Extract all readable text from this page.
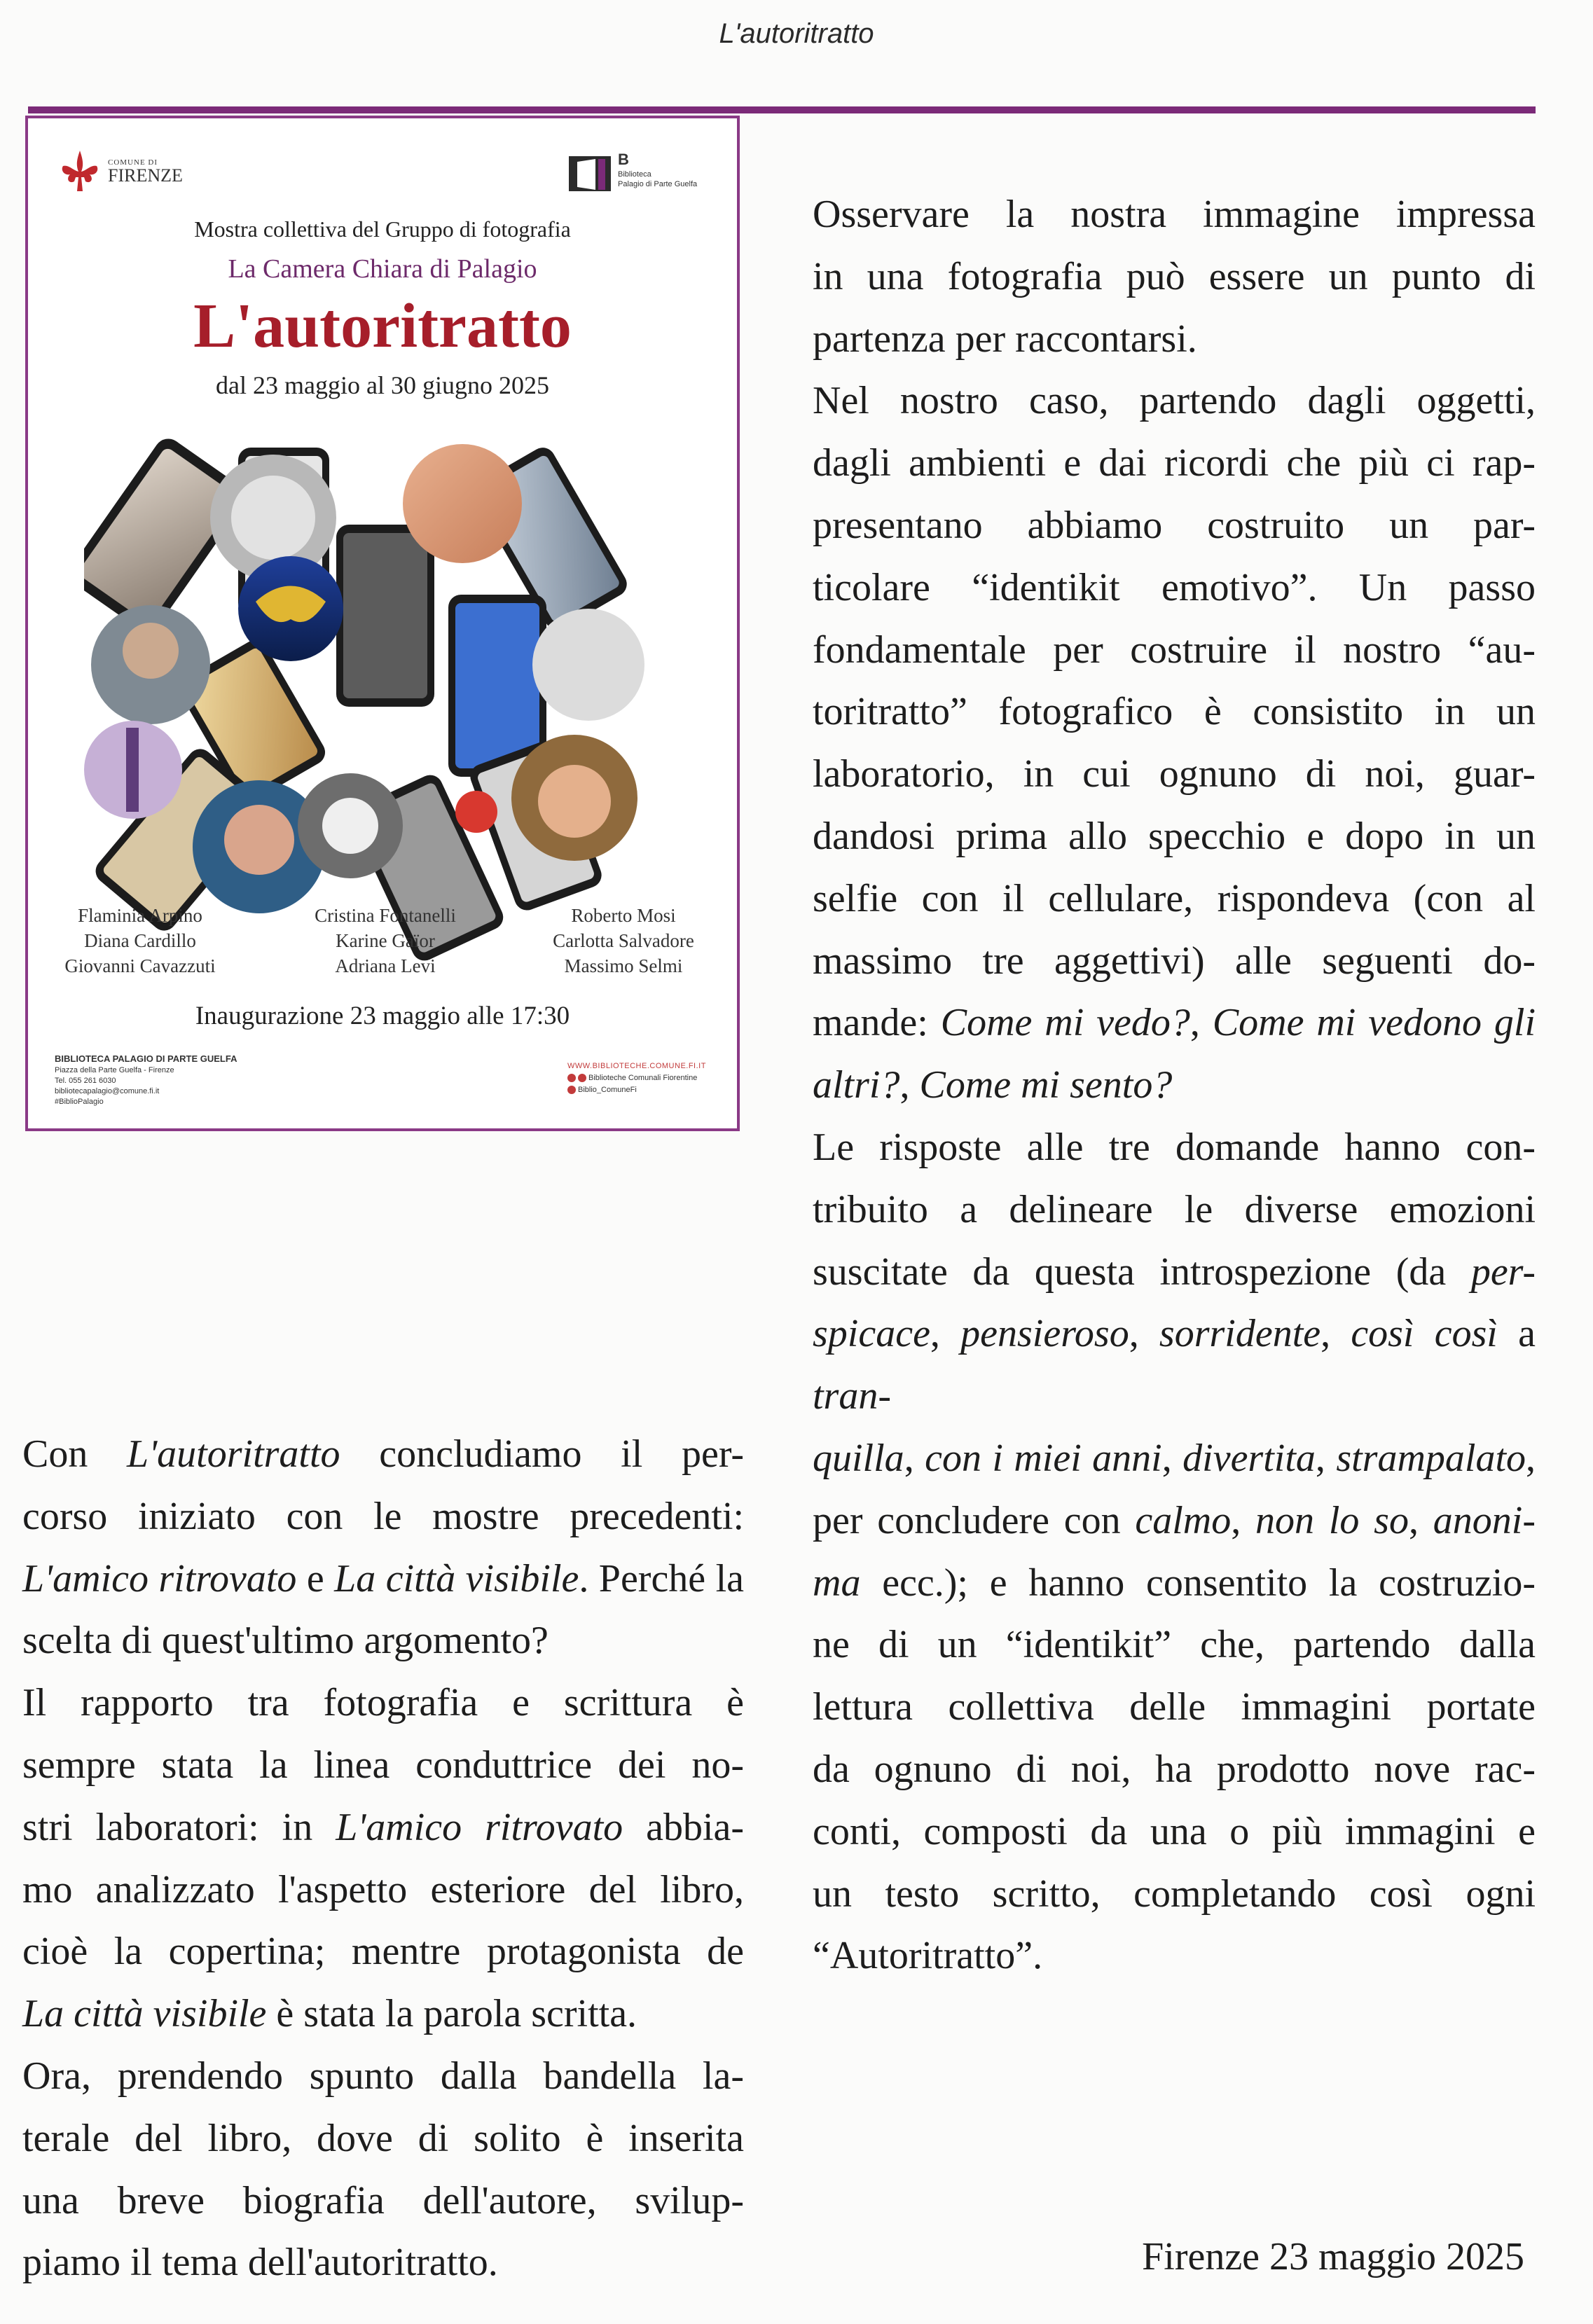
L'autoritratto
COMUNE DI
FIRENZE
B
Biblioteca
Palagio di Parte Guelfa
Mostra collettiva del Gruppo di fotografia
La Camera Chiara di Palagio
L'autoritratto
dal 23 maggio al 30 giugno 2025
Flaminia Arpino
Diana Cardillo
Giovanni Cavazzuti
Cristina Fontanelli
Karine Gaïor
Adriana Levi
Roberto Mosi
Carlotta Salvadore
Massimo Selmi
Inaugurazione 23 maggio alle 17:30
BIBLIOTECA PALAGIO DI PARTE GUELFA
Piazza della Parte Guelfa - Firenze
Tel. 055 261 6030
bibliotecapalagio@comune.fi.it
#BiblioPalagio
WWW.BIBLIOTECHE.COMUNE.FI.IT
Biblioteche Comunali Fiorentine
Biblio_ComuneFi

Osservare la nostra immagine impressa

in una fotografia può essere un punto di

partenza per raccontarsi.

Nel nostro caso, partendo dagli oggetti,

dagli ambienti e dai ricordi che più ci rap-

presentano abbiamo costruito un par-

ticolare “identikit emotivo”. Un passo

fondamentale per costruire il nostro “au-

toritratto” fotografico è consistito in un

laboratorio, in cui ognuno di noi, guar-

dandosi prima allo specchio e dopo in un

selfie con il cellulare, rispondeva (con al

massimo tre aggettivi) alle seguenti do-

mande: Come mi vedo?, Come mi vedono gli

altri?, Come mi sento?

Le risposte alle tre domande hanno con-

tribuito a delineare le diverse emozioni

suscitate da questa introspezione (da per-

spicace, pensieroso, sorridente, così così a tran-

quilla, con i miei anni, divertita, strampalato,

per concludere con calmo, non lo so, anoni-

ma ecc.); e hanno consentito la costruzio-

ne di un “identikit” che, partendo dalla

lettura collettiva delle immagini portate

da ognuno di noi, ha prodotto nove rac-

conti, composti da una o più immagini e

un testo scritto, completando così ogni

“Autoritratto”.

Con L'autoritratto concludiamo il per-

corso iniziato con le mostre precedenti:

L'amico ritrovato e La città visibile. Perché la

scelta di quest'ultimo argomento?

Il rapporto tra fotografia e scrittura è

sempre stata la linea conduttrice dei no-

stri laboratori: in L'amico ritrovato abbia-

mo analizzato l'aspetto esteriore del libro,

cioè la copertina; mentre protagonista de

La città visibile è stata la parola scritta.

Ora, prendendo spunto dalla bandella la-

terale del libro, dove di solito è inserita

una breve biografia dell'autore, svilup-

piamo il tema dell'autoritratto.	Firenze 23 maggio 2025
